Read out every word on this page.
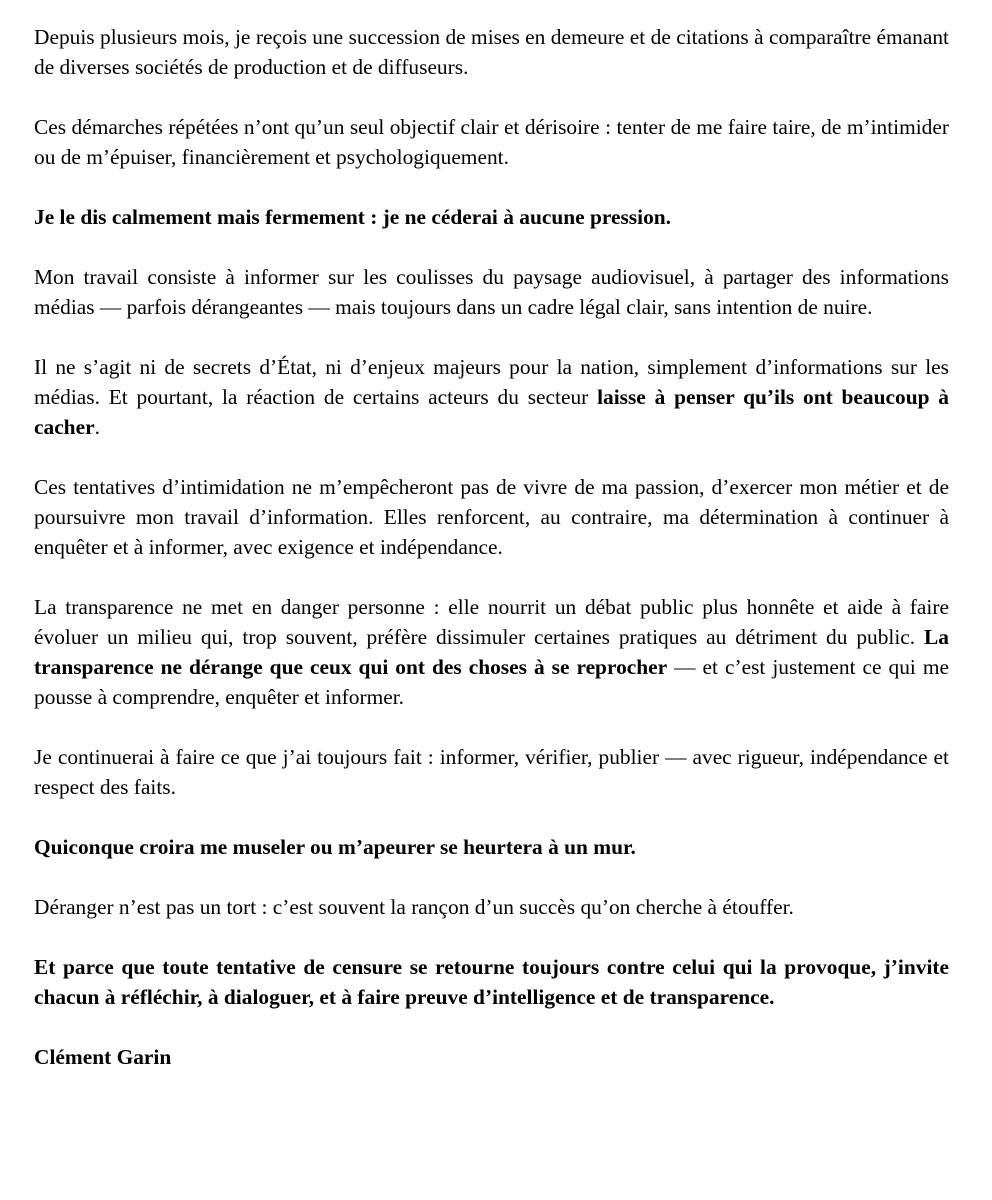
Depuis plusieurs mois, je reçois une succession de mises en demeure et de citations à comparaître émanant de diverses sociétés de production et de diffuseurs.

Ces démarches répétées n’ont qu’un seul objectif clair et dérisoire : tenter de me faire taire, de m’intimider ou de m’épuiser, financièrement et psychologiquement.

Je le dis calmement mais fermement : je ne céderai à aucune pression.

Mon travail consiste à informer sur les coulisses du paysage audiovisuel, à partager des informations médias — parfois dérangeantes — mais toujours dans un cadre légal clair, sans intention de nuire.

Il ne s’agit ni de secrets d’État, ni d’enjeux majeurs pour la nation, simplement d’informations sur les médias. Et pourtant, la réaction de certains acteurs du secteur laisse à penser qu’ils ont beaucoup à cacher.

Ces tentatives d’intimidation ne m’empêcheront pas de vivre de ma passion, d’exercer mon métier et de poursuivre mon travail d’information. Elles renforcent, au contraire, ma détermination à continuer à enquêter et à informer, avec exigence et indépendance.

La transparence ne met en danger personne : elle nourrit un débat public plus honnête et aide à faire évoluer un milieu qui, trop souvent, préfère dissimuler certaines pratiques au détriment du public. La transparence ne dérange que ceux qui ont des choses à se reprocher — et c’est justement ce qui me pousse à comprendre, enquêter et informer.

Je continuerai à faire ce que j’ai toujours fait : informer, vérifier, publier — avec rigueur, indépendance et respect des faits.

Quiconque croira me museler ou m’apeurer se heurtera à un mur.

Déranger n’est pas un tort : c’est souvent la rançon d’un succès qu’on cherche à étouffer.

Et parce que toute tentative de censure se retourne toujours contre celui qui la provoque, j’invite chacun à réfléchir, à dialoguer, et à faire preuve d’intelligence et de transparence.

Clément Garin
